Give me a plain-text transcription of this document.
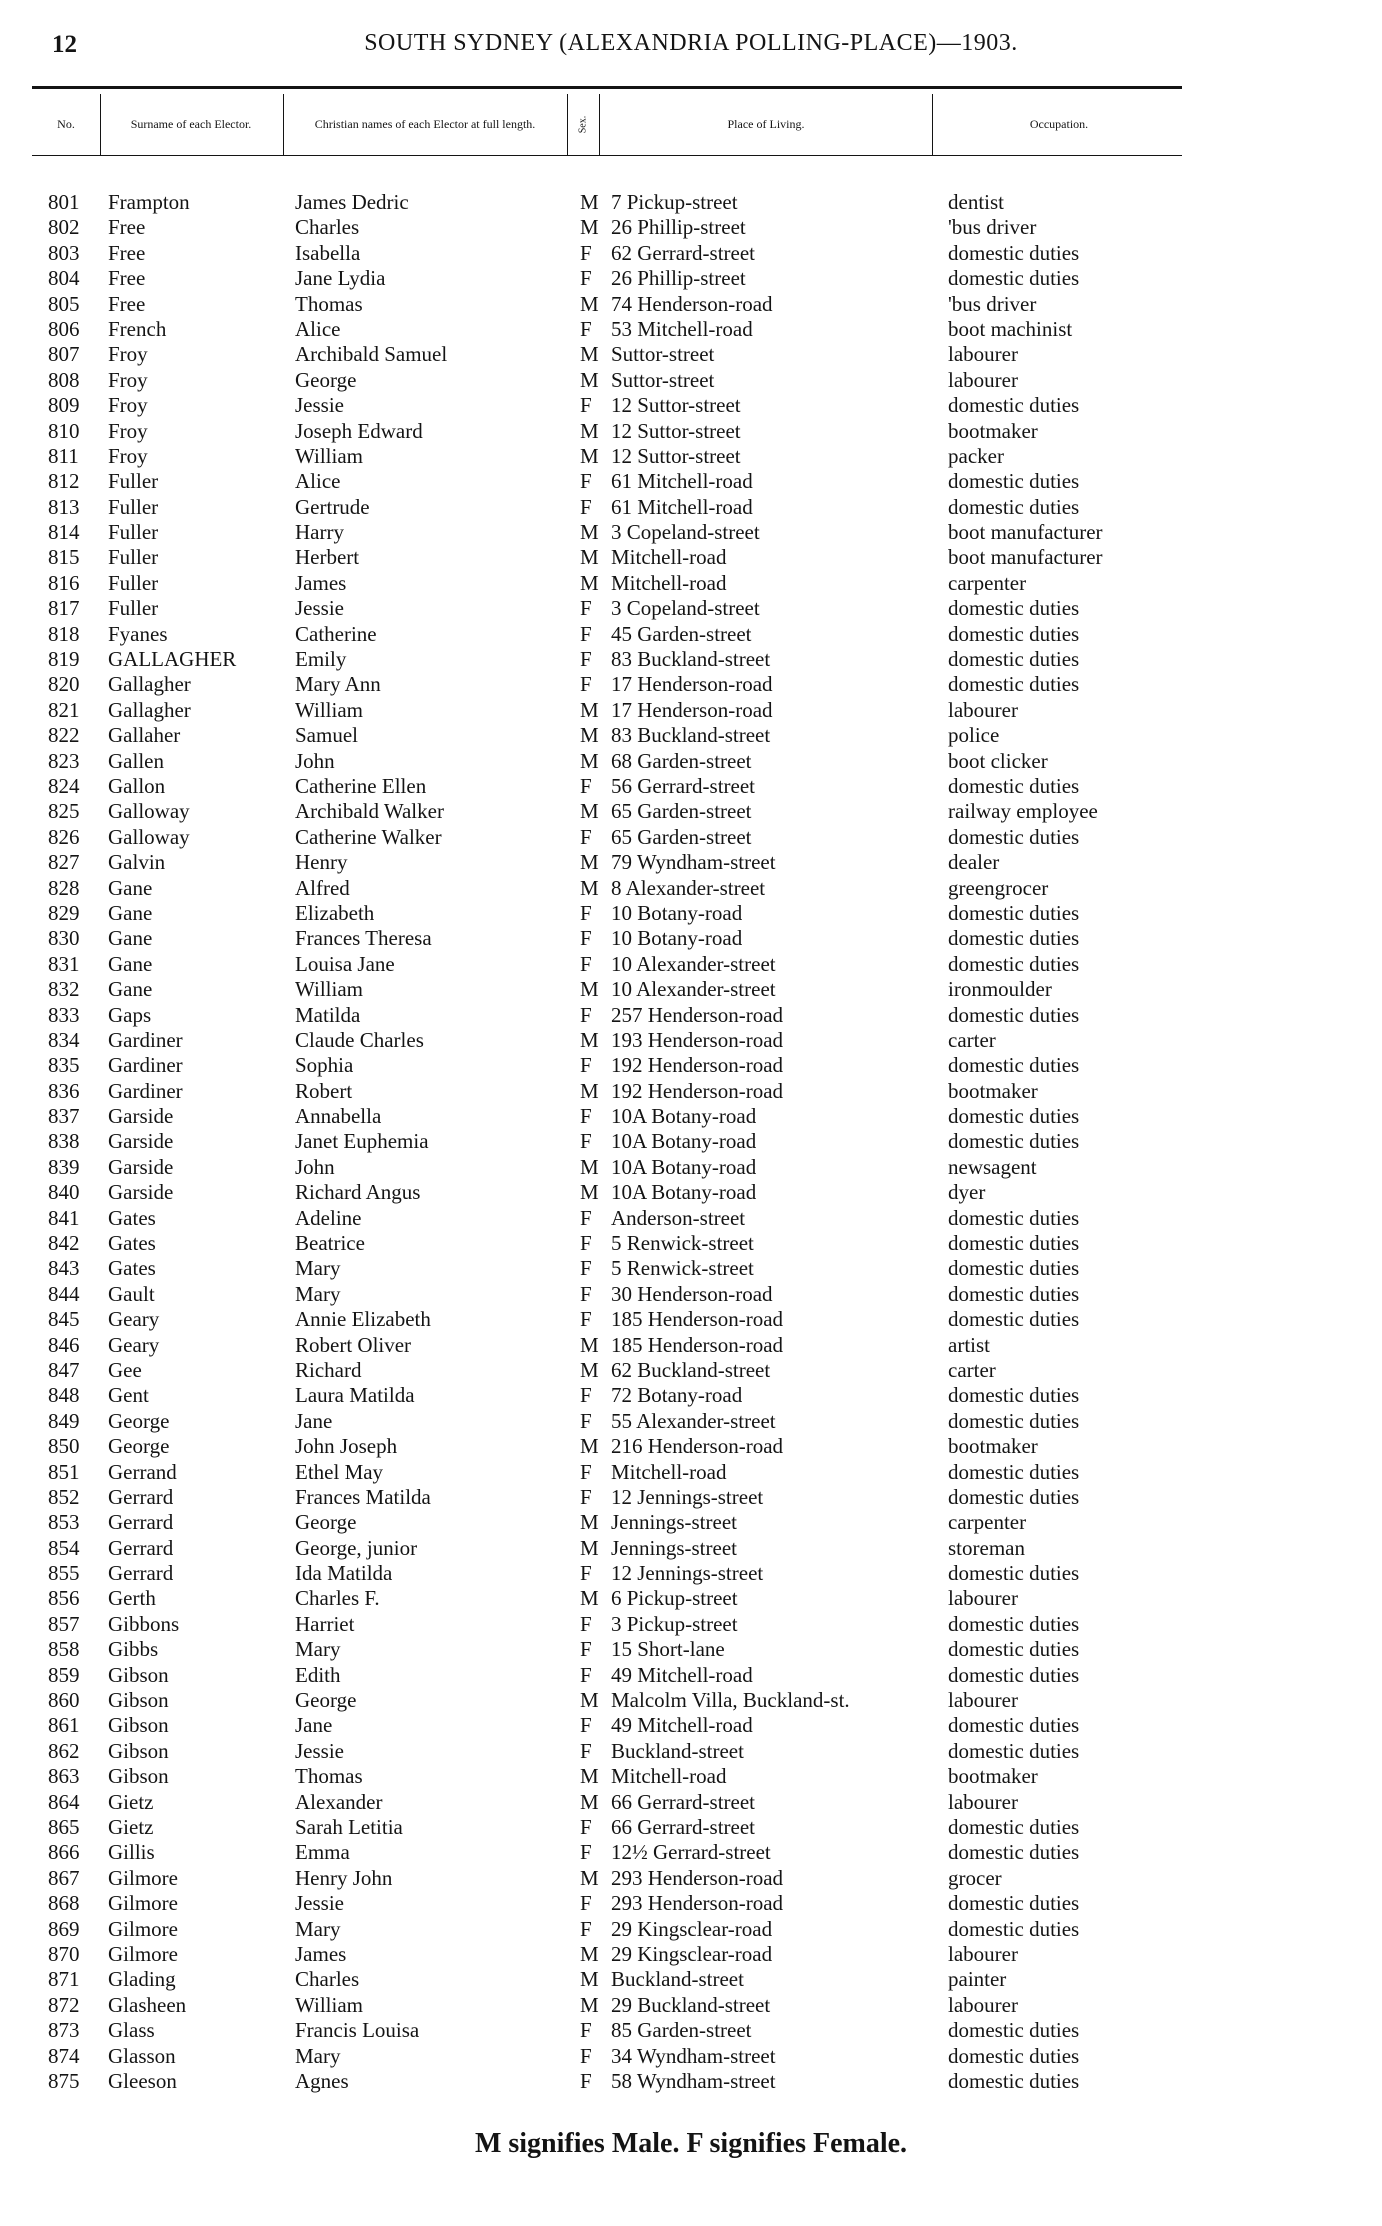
12	SOUTH SYDNEY (ALEXANDRIA POLLING-PLACE)—1903.
No.	Surname of each Elector.	Christian names of each Elector at full length.	Sex.	Place of Living.	Occupation.
801 Frampton	James Dedric	M 7 Pickup-street	dentist
802 Free	Charles	M 26 Phillip-street	'bus driver
803 Free	Isabella	F 62 Gerrard-street	domestic duties
804 Free	Jane Lydia	F 26 Phillip-street	domestic duties
805 Free	Thomas	M 74 Henderson-road	'bus driver
806 French	Alice	F 53 Mitchell-road	boot machinist
807 Froy	Archibald Samuel	M Suttor-street	labourer
808 Froy	George	M Suttor-street	labourer
809 Froy	Jessie	F 12 Suttor-street	domestic duties
810 Froy	Joseph Edward	M 12 Suttor-street	bootmaker
811 Froy	William	M 12 Suttor-street	packer
812 Fuller	Alice	F 61 Mitchell-road	domestic duties
813 Fuller	Gertrude	F 61 Mitchell-road	domestic duties
814 Fuller	Harry	M 3 Copeland-street	boot manufacturer
815 Fuller	Herbert	M Mitchell-road	boot manufacturer
816 Fuller	James	M Mitchell-road	carpenter
817 Fuller	Jessie	F 3 Copeland-street	domestic duties
818 Fyanes	Catherine	F 45 Garden-street	domestic duties
819 GALLAGHER	Emily	F 83 Buckland-street	domestic duties
820 Gallagher	Mary Ann	F 17 Henderson-road	domestic duties
821 Gallagher	William	M 17 Henderson-road	labourer
822 Gallaher	Samuel	M 83 Buckland-street	police
823 Gallen	John	M 68 Garden-street	boot clicker
824 Gallon	Catherine Ellen	F 56 Gerrard-street	domestic duties
825 Galloway	Archibald Walker	M 65 Garden-street	railway employee
826 Galloway	Catherine Walker	F 65 Garden-street	domestic duties
827 Galvin	Henry	M 79 Wyndham-street	dealer
828 Gane	Alfred	M 8 Alexander-street	greengrocer
829 Gane	Elizabeth	F 10 Botany-road	domestic duties
830 Gane	Frances Theresa	F 10 Botany-road	domestic duties
831 Gane	Louisa Jane	F 10 Alexander-street	domestic duties
832 Gane	William	M 10 Alexander-street	ironmoulder
833 Gaps	Matilda	F 257 Henderson-road	domestic duties
834 Gardiner	Claude Charles	M 193 Henderson-road	carter
835 Gardiner	Sophia	F 192 Henderson-road	domestic duties
836 Gardiner	Robert	M 192 Henderson-road	bootmaker
837 Garside	Annabella	F 10A Botany-road	domestic duties
838 Garside	Janet Euphemia	F 10A Botany-road	domestic duties
839 Garside	John	M 10A Botany-road	newsagent
840 Garside	Richard Angus	M 10A Botany-road	dyer
841 Gates	Adeline	F Anderson-street	domestic duties
842 Gates	Beatrice	F 5 Renwick-street	domestic duties
843 Gates	Mary	F 5 Renwick-street	domestic duties
844 Gault	Mary	F 30 Henderson-road	domestic duties
845 Geary	Annie Elizabeth	F 185 Henderson-road	domestic duties
846 Geary	Robert Oliver	M 185 Henderson-road	artist
847 Gee	Richard	M 62 Buckland-street	carter
848 Gent	Laura Matilda	F 72 Botany-road	domestic duties
849 George	Jane	F 55 Alexander-street	domestic duties
850 George	John Joseph	M 216 Henderson-road	bootmaker
851 Gerrand	Ethel May	F Mitchell-road	domestic duties
852 Gerrard	Frances Matilda	F 12 Jennings-street	domestic duties
853 Gerrard	George	M Jennings-street	carpenter
854 Gerrard	George, junior	M Jennings-street	storeman
855 Gerrard	Ida Matilda	F 12 Jennings-street	domestic duties
856 Gerth	Charles F.	M 6 Pickup-street	labourer
857 Gibbons	Harriet	F 3 Pickup-street	domestic duties
858 Gibbs	Mary	F 15 Short-lane	domestic duties
859 Gibson	Edith	F 49 Mitchell-road	domestic duties
860 Gibson	George	M Malcolm Villa, Buckland-st.	labourer
861 Gibson	Jane	F 49 Mitchell-road	domestic duties
862 Gibson	Jessie	F Buckland-street	domestic duties
863 Gibson	Thomas	M Mitchell-road	bootmaker
864 Gietz	Alexander	M 66 Gerrard-street	labourer
865 Gietz	Sarah Letitia	F 66 Gerrard-street	domestic duties
866 Gillis	Emma	F 12½ Gerrard-street	domestic duties
867 Gilmore	Henry John	M 293 Henderson-road	grocer
868 Gilmore	Jessie	F 293 Henderson-road	domestic duties
869 Gilmore	Mary	F 29 Kingsclear-road	domestic duties
870 Gilmore	James	M 29 Kingsclear-road	labourer
871 Glading	Charles	M Buckland-street	painter
872 Glasheen	William	M 29 Buckland-street	labourer
873 Glass	Francis Louisa	F 85 Garden-street	domestic duties
874 Glasson	Mary	F 34 Wyndham-street	domestic duties
875 Gleeson	Agnes	F 58 Wyndham-street	domestic duties
M signifies Male. F signifies Female.
